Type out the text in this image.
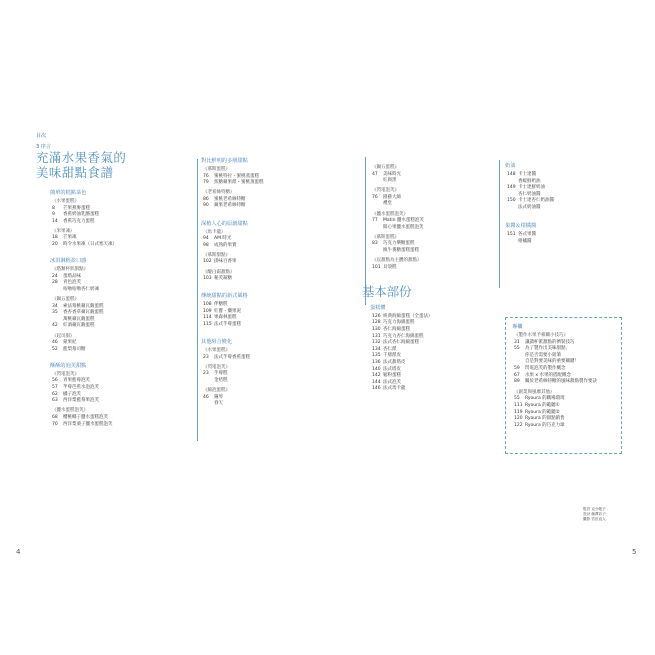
目次
3 序言
充滿水果香氣的
美味甜點食譜
簡單的糕點菜色
《水果蛋糕》
8 芒果燕麥蛋糕
9 香蕉奶油乳酪蛋糕
14 香蕉巧克力蛋糕
《米果凍》
18 芒果凍
20 時令水果凍（日式寒天凍）
冰淇淋輕盈口感
《塔類杯狀甜點》
24 蛋塔品味
28 青色泡芙
咕嚕咕嚕杏仁奶凍
《鍋五蛋糕》
34 索法莓桃蘋瓦薩蛋糕
35 香杏香草蘋瓦薩蛋糕
萬桃蘋瓦薩蛋糕
42 紅酒蘋瓦薩蛋糕
《起司甜》
46 蒙果紀
52 藍梨莓司糖
酥酥的泡芙甜點
《閃電泡芙》
56 青果藍莓泡芙
57 芊莓芭蕉水泡泡芙
62 橘子泡芙
63 西洋梨藍莓果泡芙
《鹽水蛋糕泡芙》
68 櫻桃椰子鹽水蛋糕泡芙
70 西洋梨栗子鹽水蛋糕泡芙
對比鮮明的多層甜點
《慕斯蛋糕》
76 蜜桃特拉・蜜桃蒸蛋糕
79 焦糖蘋果派・蜜桃蒸蛋糕
《老希絲特糖》
86 蜜桃老希絲特糖
90 蘋果老希絲特糖
深植人心的原創甜點
《馬卡龍》
94 AM 時光
98 成熟的果實
《慕斯甜點》
102 掛味百香果
《醍白霜甜點》
103 秘芙凝糖
傳統甜點的新式風格
108 伴糖糕
109 紅寶・藥果泥
114 果森林蛋糕
115 法式芋莓蛋糕
其他組合變化
《水果蛋糕》
23 法式芋莓香蕉蛋糕
《閃電泡芙》
23 芋莓糕
金桔糕
《綿泡蛋糕》
46 鐘琴
春天
《鍋五蛋糕》
47 美味時光
紅與黑
《閃電泡芙》
76 園藝大師
禮堂
《鹽水蛋糕泡芙》
77 Matin 鹽水蛋糕泡芙
開心果鹽水蛋糕泡芙
《慕斯蛋糕》
83 巧克力樂糖蛋糕
換牛番糖蛋糕蛋糕
《以甜點為主體的甜點》
101 貝殼糕
基本部份
蛋糕體
126 經典海綿蛋糕（全蛋法）
128 巧克力海綿蛋糕
130 杏仁海綿蛋糕
131 巧克力杏仁海綿蛋糕
132 法式杏仁海綿蛋糕
134 杏仁派
135 千層派皮
136 法式甜塔皮
140 法式塔皮
142 鬆粉蛋糕
144 法式泡芙
146 法式馬卡龍
奶油
148 卡士達醬
香緹鮮奶油
149 卡士達鮮奶油
杏仁奶油醬
150 卡士達杏仁奶油醬
法式奶油醬
果醬＆柑橘醬
151 各式果醬
柑橘醬
專欄
《製作水果予相關小技巧》
31 讓讀杯派甜點的擠裝技巧
55 為了製作出美味甜點，
你是否需要小鉛筆
自是對要美味的重要關鍵！
59 閃電泡芙的製作概念
67 水果 x 水果的搭配概念
89 關於老希絲特糖的風味甜點製作要訣
《創業與風靡其他》
55 Ryoura 的職場環境
111 Ryoura 的範聽①
119 Ryoura 的範聽②
120 Ryoura 的甜點銷售
122 Ryoura 的巧克力球
監設 克分帳子
設計 藤澤彩子
攝影 宮田直人
4	5
